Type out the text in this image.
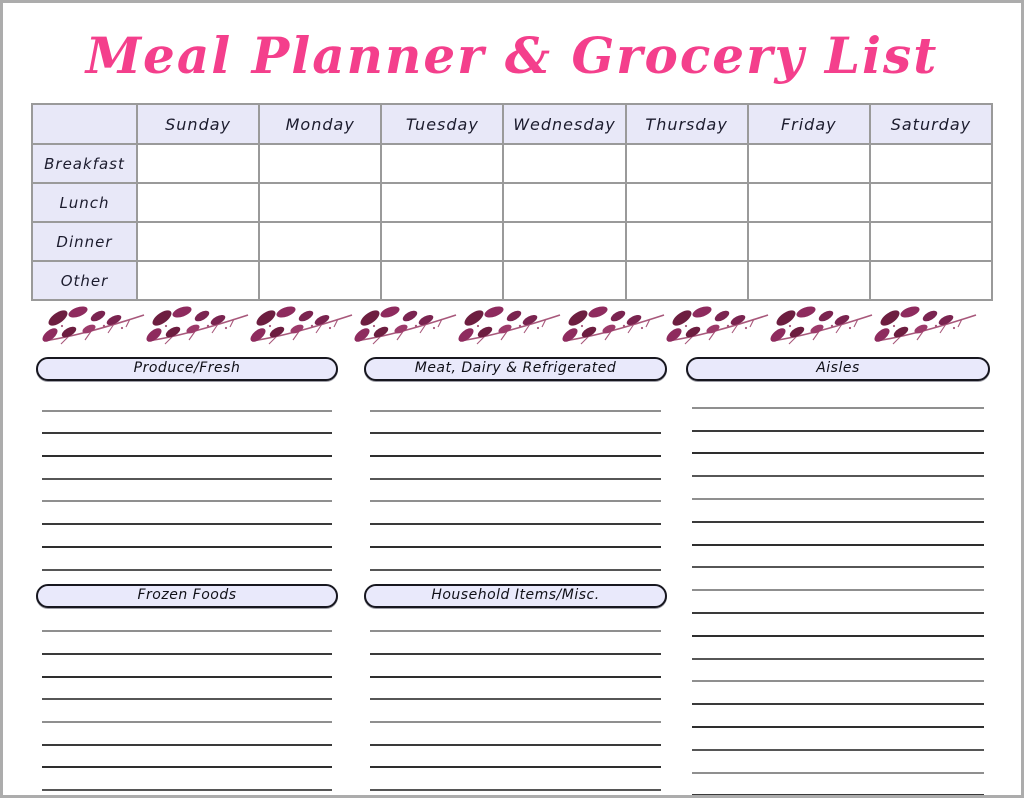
Meal Planner & Grocery List
	Sunday	Monday	Tuesday	Wednesday	Thursday	Friday	Saturday
Breakfast							
Lunch							
Dinner							
Other							
Produce/Fresh
Frozen Foods
Meat, Dairy & Refrigerated
Household Items/Misc.
Aisles
